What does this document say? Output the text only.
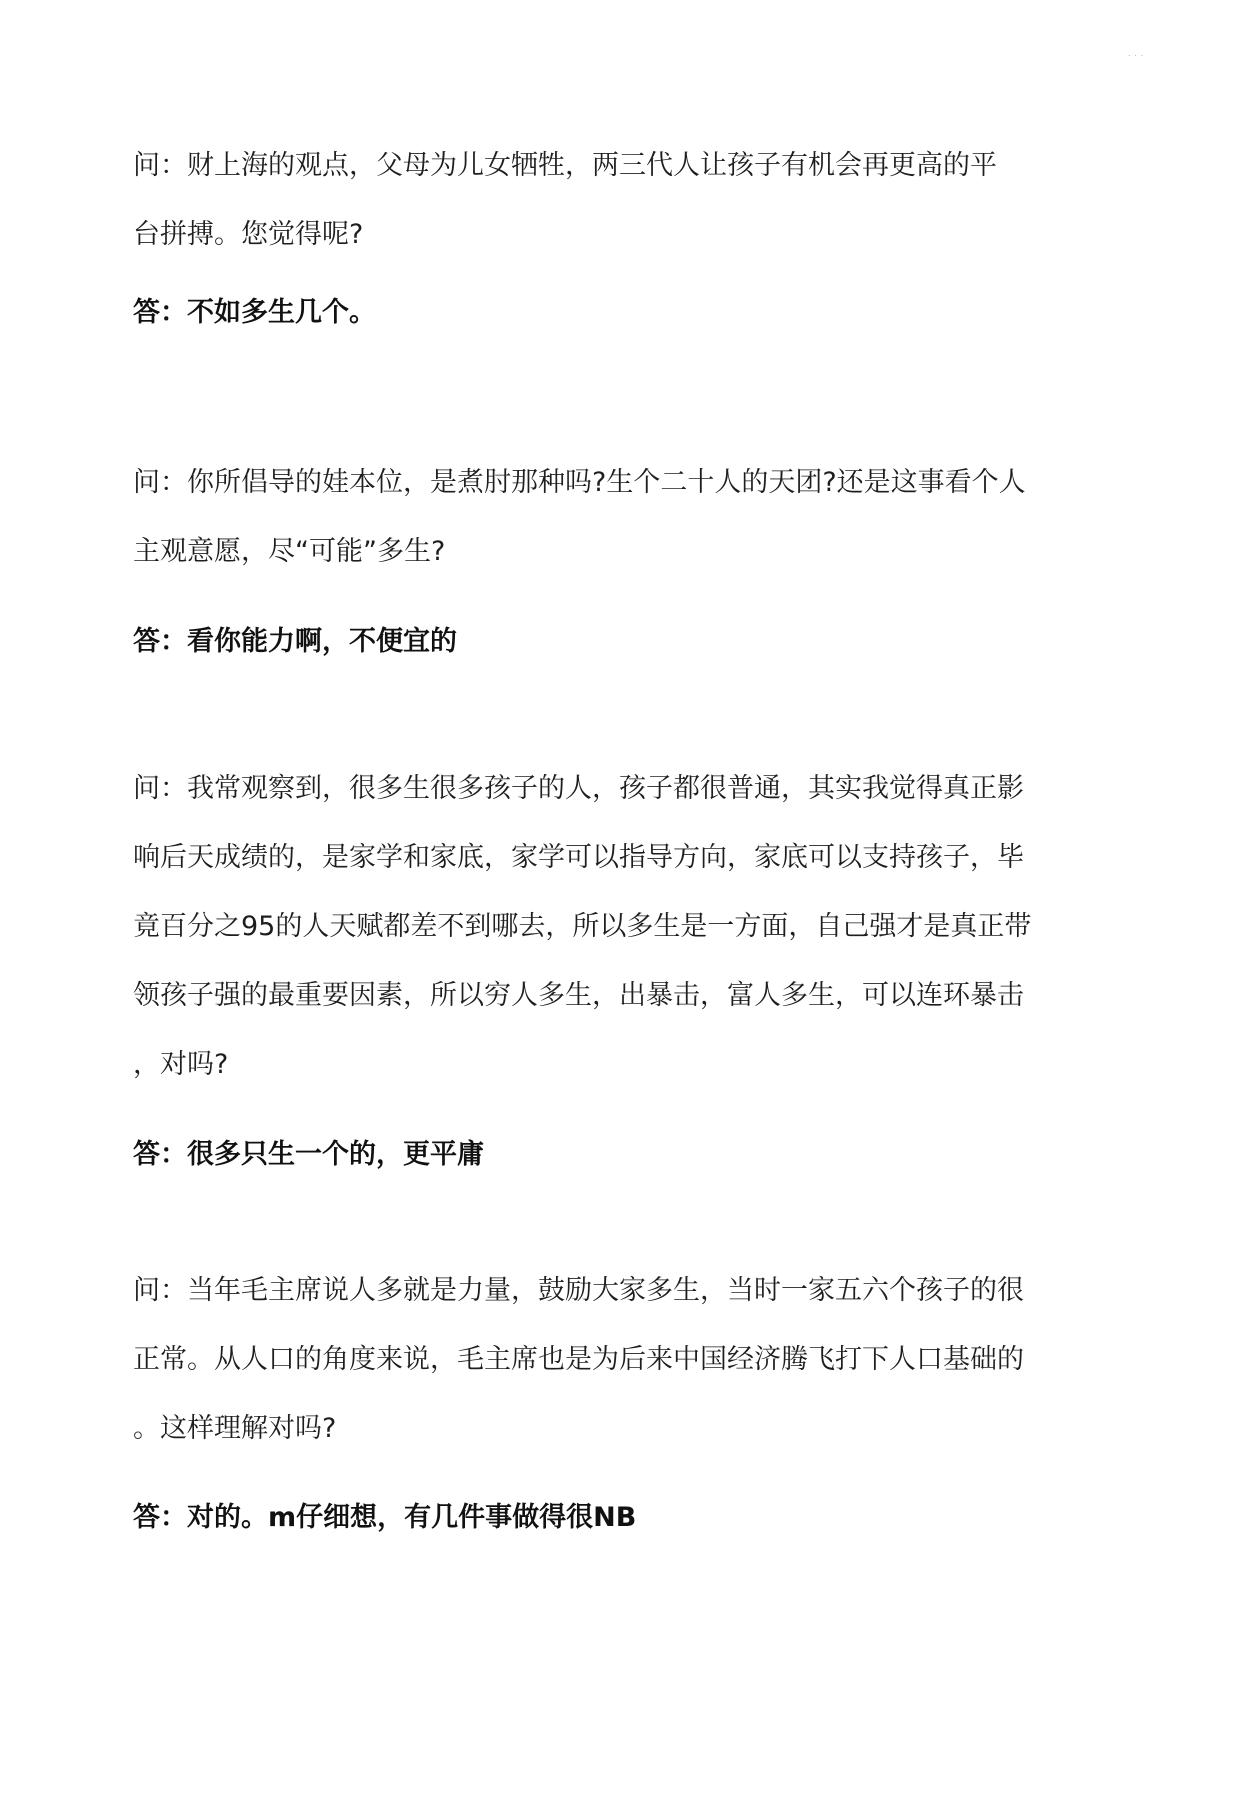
· · ·

问：财上海的观点，父母为儿女牺牲，两三代人让孩子有机会再更高的平

台拼搏。您觉得呢?

答：不如多生几个。

问：你所倡导的娃本位，是煮肘那种吗?生个二十人的天团?还是这事看个人

主观意愿，尽“可能”多生?

答：看你能力啊，不便宜的

问：我常观察到，很多生很多孩子的人，孩子都很普通，其实我觉得真正影

响后天成绩的，是家学和家底，家学可以指导方向，家底可以支持孩子，毕

竟百分之95的人天赋都差不到哪去，所以多生是一方面，自己强才是真正带

领孩子强的最重要因素，所以穷人多生，出暴击，富人多生，可以连环暴击

，对吗?

答：很多只生一个的，更平庸

问：当年毛主席说人多就是力量，鼓励大家多生，当时一家五六个孩子的很

正常。从人口的角度来说，毛主席也是为后来中国经济腾飞打下人口基础的

。这样理解对吗?

答：对的。m仔细想，有几件事做得很NB
